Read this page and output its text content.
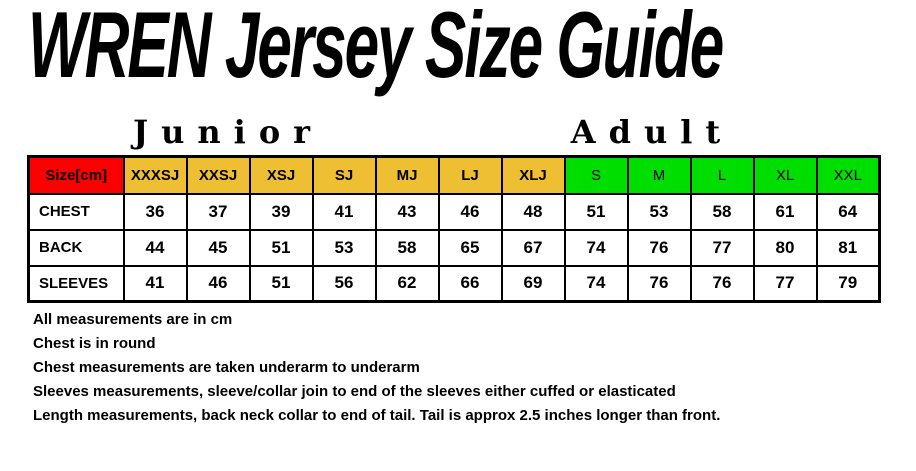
WREN Jersey Size Guide
Junior	Adult
Size[cm]	XXXSJ	XXSJ	XSJ	SJ	MJ	LJ	XLJ	S	M	L	XL	XXL
CHEST	36	37	39	41	43	46	48	51	53	58	61	64
BACK	44	45	51	53	58	65	67	74	76	77	80	81
SLEEVES	41	46	51	56	62	66	69	74	76	76	77	79

All measurements are in cm

Chest is in round

Chest measurements are taken underarm to underarm

Sleeves measurements, sleeve/collar join to end of the sleeves either cuffed or elasticated

Length measurements, back neck collar to end of tail. Tail is approx 2.5 inches longer than front.
